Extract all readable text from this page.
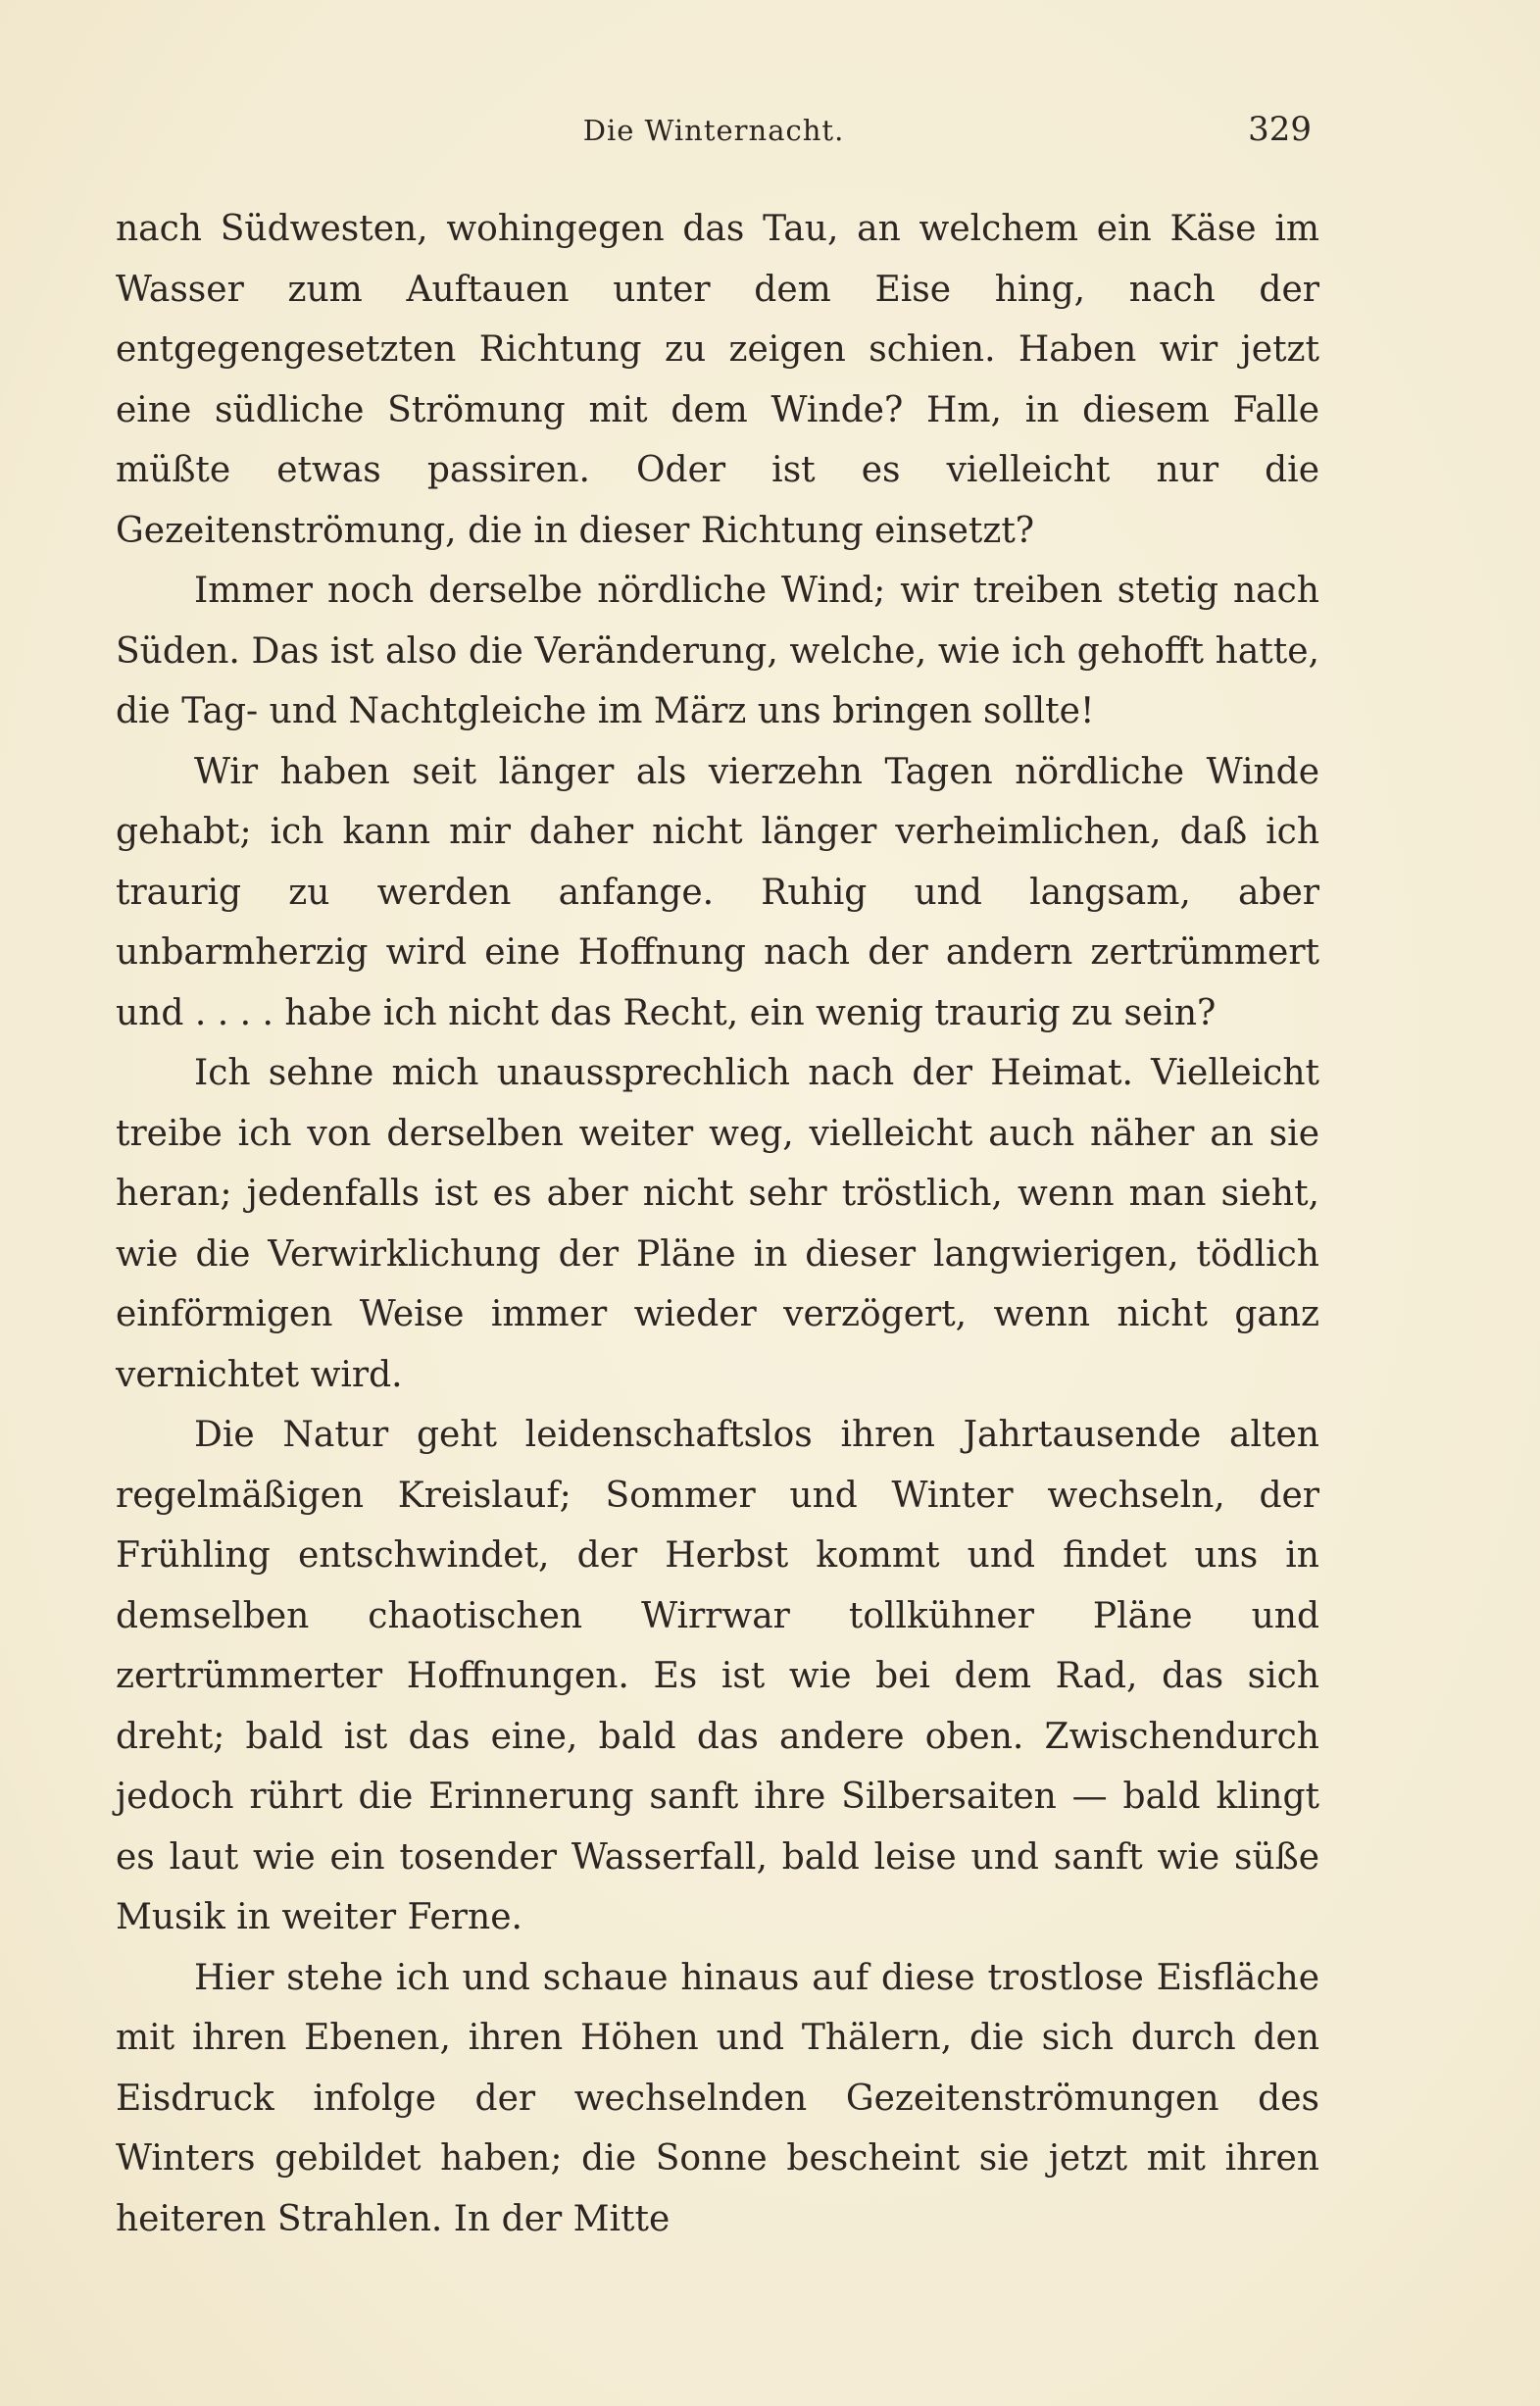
Die Winternacht.	329

nach Südwesten, wohingegen das Tau, an welchem ein Käse im Wasser zum Auftauen unter dem Eise hing, nach der entgegengesetzten Richtung zu zeigen schien. Haben wir jetzt eine südliche Strömung mit dem Winde? Hm, in diesem Falle müßte etwas passiren. Oder ist es vielleicht nur die Gezeitenströmung, die in dieser Richtung einsetzt?

Immer noch derselbe nördliche Wind; wir treiben stetig nach Süden. Das ist also die Veränderung, welche, wie ich gehofft hatte, die Tag- und Nachtgleiche im März uns bringen sollte!

Wir haben seit länger als vierzehn Tagen nördliche Winde gehabt; ich kann mir daher nicht länger verheimlichen, daß ich traurig zu werden anfange. Ruhig und langsam, aber unbarmherzig wird eine Hoffnung nach der andern zertrümmert und . . . . habe ich nicht das Recht, ein wenig traurig zu sein?

Ich sehne mich unaussprechlich nach der Heimat. Vielleicht treibe ich von derselben weiter weg, vielleicht auch näher an sie heran; jedenfalls ist es aber nicht sehr tröstlich, wenn man sieht, wie die Verwirklichung der Pläne in dieser langwierigen, tödlich einförmigen Weise immer wieder verzögert, wenn nicht ganz vernichtet wird.

Die Natur geht leidenschaftslos ihren Jahrtausende alten regelmäßigen Kreislauf; Sommer und Winter wechseln, der Frühling entschwindet, der Herbst kommt und findet uns in demselben chaotischen Wirrwar tollkühner Pläne und zertrümmerter Hoffnungen. Es ist wie bei dem Rad, das sich dreht; bald ist das eine, bald das andere oben. Zwischendurch jedoch rührt die Erinnerung sanft ihre Silbersaiten — bald klingt es laut wie ein tosender Wasserfall, bald leise und sanft wie süße Musik in weiter Ferne.

Hier stehe ich und schaue hinaus auf diese trostlose Eisfläche mit ihren Ebenen, ihren Höhen und Thälern, die sich durch den Eisdruck infolge der wechselnden Gezeitenströmungen des Winters gebildet haben; die Sonne bescheint sie jetzt mit ihren heiteren Strahlen. In der Mitte
